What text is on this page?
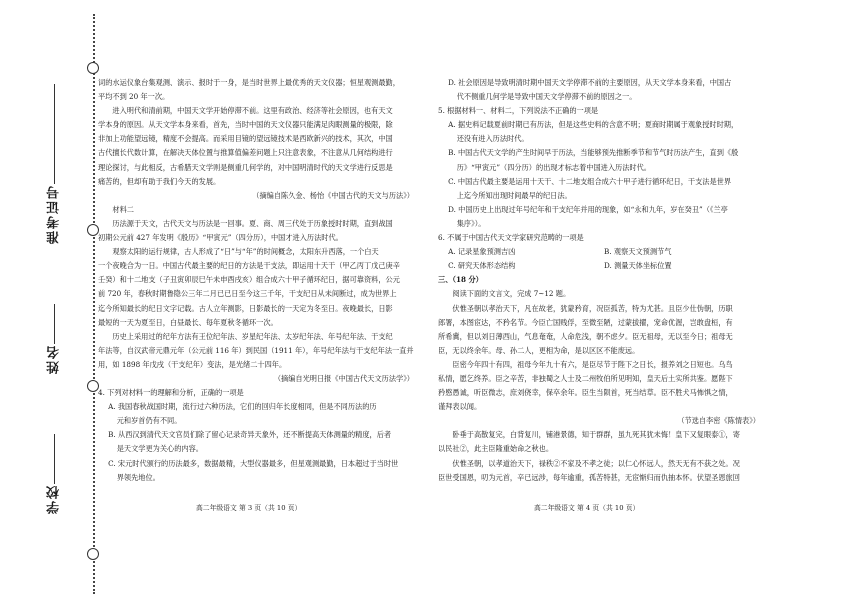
准考证号
姓名
学校

词的水运仪象台集观测、演示、报时于一身，是当时世界上最优秀的天文仪器；恒星观测最勤，

平均不到 20 年一次。

进入明代和清前期，中国天文学开始停滞不前。这里有政治、经济等社会原因，也有天文

学本身的原因。从天文学本身来看，首先，当时中国的天文仪器只能满足肉眼测量的极限，除

非加上功能望远镜，精度不会提高。而采用目镜的望远镜技术是西欧新兴的技术，其次，中国

古代擅长代数计算，在解决天体位置与推算值偏差问题上只注意表象，不注意从几何结构进行

理论探讨，与此相反，古希腊天文学则是侧重几何学的，对中国明清时代的天文学进行反思是

痛苦的，但却有助于我们今天的发展。

（摘编自陈久金、杨怡《中国古代的天文与历法》）

材料二

历法源于天文，古代天文与历法是一回事。夏、商、周三代处于历象授时时期，直到战国

初期公元前 427 年发明《殷历》“甲寅元”（四分历），中国才进入历法时代。

观察太阳的运行规律，古人形成了“日”与“年”的时间概念，太阳东升西落，一个白天

一个夜晚合为一日。中国古代最主要的纪日的方法是干支法，即运用十天干（甲乙丙丁戊己庚辛

壬癸）和十二地支（子丑寅卯辰巳午未申酉戌亥）组合成六十甲子循环纪日，据可靠资料，公元

前 720 年，春秋时期鲁隐公三年二月已已日至今这三千年，干支纪日从未间断过，成为世界上

迄今所知最长的纪日文字记载。古人立年测影，日影最长的一天定为冬至日。夜晚最长，日影

最短的一天为夏至日，白昼最长、每年夏秋冬循环一次。

历史上采用过的纪年方法有王位纪年法、岁星纪年法、太岁纪年法、年号纪年法、干支纪

年法等，自汉武帝元鼎元年（公元前 116 年）到民国（1911 年），年号纪年法与干支纪年法一直并

用，如 1898 年戊戌（干支纪年）变法，是光绪二十四年。

（摘编自光明日报《中国古代天文历法学》）

4. 下列对材料一的理解和分析，正确的一项是

A. 我国春秋战国时期，流行过六种历法，它们的回归年长度相同，但是不同历法的历

元和岁首仍有不同。

B. 从西汉到清代天文官员们除了留心记录奇异天象外，还不断提高天体测量的精度，后者

是天文学更为关心的内容。

C. 宋元时代颁行的历法最多，数据最精，大型仪器最多，但星观测最勤，日本超过于当时世

界领先地位。

高二年级语文 第 3 页（共 10 页）

D. 社会原因是导致明清时期中国天文学停滞不前的主要原因，从天文学本身来看，中国古

代不侧重几何学是导致中国天文学停滞不前的原因之一。

5. 根据材料一、材料二，下列说法不正确的一项是

A. 据史料记载夏前时期已有历法，但是这些史料的含意不明；夏商时期属于观象授时时期，

还没有进入历法时代。

B. 中国古代天文学的产生时间早于历法，当能够预先推断季节和节气时历法产生，直到《殷

历》“甲寅元”（四分历）的出现才标志着中国进入历法时代。

C. 中国古代最主要是运用十天干、十二地支组合成六十甲子进行循环纪日，干支法是世界

上迄今所知出现时间最早的纪日法。

D. 中国历史上出现过年号纪年和干支纪年并用的现象，如“永和九年，岁在癸丑”（《兰亭

集序》）。

6. 不属于中国古代天文学家研究范畴的一项是

A. 记录星象预测吉凶	B. 观察天文预测节气
C. 研究天体形态结构	D. 测量天体坐标位置

三、（18 分）

阅读下面的文言文，完成 7~12 题。

伏惟圣朝以孝治天下，凡在故老，犹蒙矜育，况臣孤苦，特为尤甚。且臣少仕伪朝，历职

郎署，本图宦达，不矜名节。今臣亡国贱俘，至微至陋，过蒙拔擢，宠命优渥，岂敢盘桓，有

所希冀，但以刘日薄西山，气息奄奄，人命危浅，朝不虑夕。臣无祖母，无以至今日；祖母无

臣，无以终余年。母、孙二人，更相为命，是以区区不能废远。

臣密今年四十有四，祖母今年九十有六，是臣尽节于陛下之日长，报养刘之日短也。乌鸟

私情，愿乞终养。臣之辛苦，非独蜀之人士及二州牧伯所见明知，皇天后土实所共鉴。愿陛下

矜愍愚诚，听臣微志，庶刘侥幸，保卒余年。臣生当陨首，死当结草。臣不胜犬马怖惧之情，

谨拜表以闻。

（节选自李密《陈情表》）

卧垂于高散复完，白背复川，铺港景德，知于群群，虽九死其犹未悔！皇下又复眼泰①，寄

以民社②，此主臣隆重始命之秋也。

伏惟圣朝，以孝道治天下，禄秩②不家及不孝之徒；以仁心怀远人，然天无有不获之处。况

臣世受国恩，叨为元首，辛已远涉，每年逾重，孤苦特甚，无宦惭归而仇抽本怀。伏望圣恩旅回

高二年级语文 第 4 页（共 10 页）
